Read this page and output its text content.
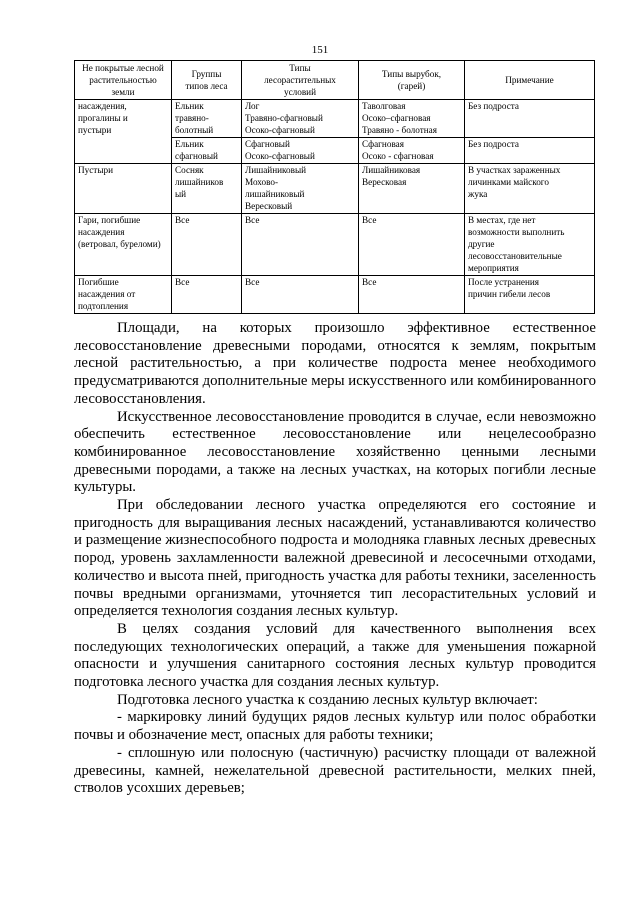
151
Не покрытые лесной
растительностью
земли	Группы
типов леса	Типы
лесорастительных
условий	Типы вырубок,
(гарей)	Примечание
насаждения,
прогалины и
пустыри	Ельник
травяно-
болотный	Лог
Травяно-сфагновый
Осоко-сфагновый	Таволговая
Осоко–сфагновая
Травяно - болотная	Без подроста
	Ельник
сфагновый	Сфагновый
Осоко-сфагновый	Сфагновая
Осоко - сфагновая	Без подроста
Пустыри	Сосняк
лишайников
ый	Лишайниковый
Мохово-
лишайниковый
Вересковый	Лишайниковая
Вересковая	В участках зараженных
личинками майского
жука
Гари, погибшие
насаждения
(ветровал, буреломи)	Все	Все	Все	В местах, где нет
возможности выполнить
другие
лесовосстановительные
мероприятия
Погибшие
насаждения от
подтопления	Все	Все	Все	После устранения
причин гибели лесов

Площади, на которых произошло эффективное естественное лесовосстановление древесными породами, относятся к землям, покрытым лесной растительностью, а при количестве подроста менее необходимого предусматриваются дополнительные меры искусственного или комбинированного лесовосстановления.

Искусственное лесовосстановление проводится в случае, если невозможно обеспечить естественное лесовосстановление или нецелесообразно комбинированное лесовосстановление хозяйственно ценными лесными древесными породами, а также на лесных участках, на которых погибли лесные культуры.

При обследовании лесного участка определяются его состояние и пригодность для выращивания лесных насаждений, устанавливаются количество и размещение жизнеспособного подроста и молодняка главных лесных древесных пород, уровень захламленности валежной древесиной и лесосечными отходами, количество и высота пней, пригодность участка для работы техники, заселенность почвы вредными организмами, уточняется тип лесорастительных условий и определяется технология создания лесных культур.

В целях создания условий для качественного выполнения всех последующих технологических операций, а также для уменьшения пожарной опасности и улучшения санитарного состояния лесных культур проводится подготовка лесного участка для создания лесных культур.

Подготовка лесного участка к созданию лесных культур включает:

- маркировку линий будущих рядов лесных культур или полос обработки почвы и обозначение мест, опасных для работы техники;

- сплошную или полосную (частичную) расчистку площади от валежной древесины, камней, нежелательной древесной растительности, мелких пней, стволов усохших деревьев;
